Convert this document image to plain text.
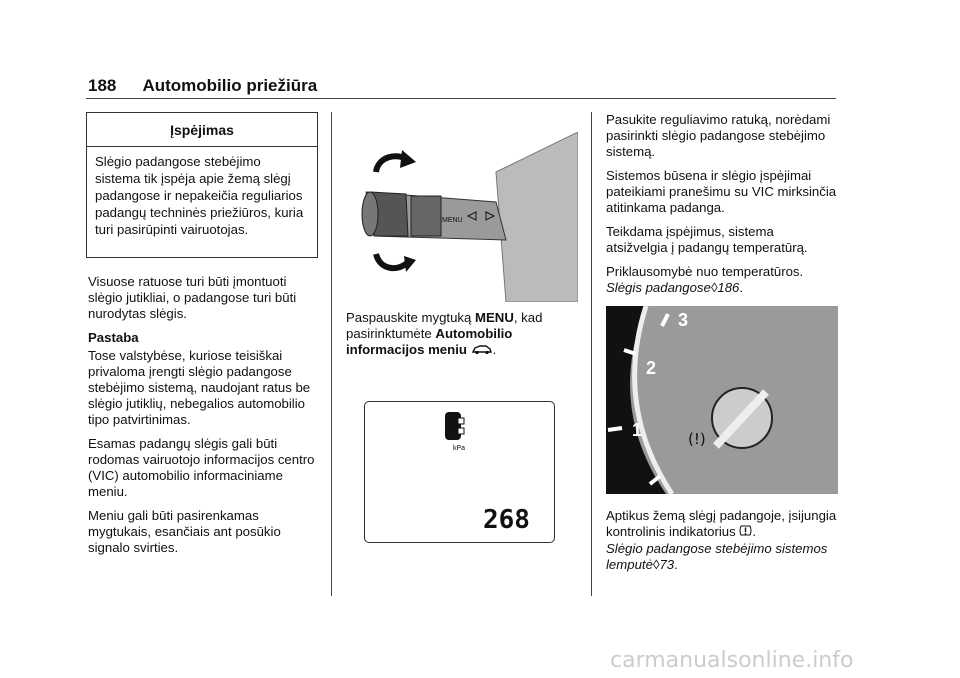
188 Automobilio priežiūra
Įspėjimas
Slėgio padangose stebėjimo sistema tik įspėja apie žemą slėgį padangose ir nepakeičia reguliarios padangų techninės priežiūros, kuria turi pasirūpinti vairuotojas.

Visuose ratuose turi būti įmontuoti slėgio jutikliai, o padangose turi būti nurodytas slėgis.

Pastaba

Tose valstybėse, kuriose teisiškai privaloma įrengti slėgio padangose stebėjimo sistemą, naudojant ratus be slėgio jutiklių, nebegalios automobilio tipo patvirtinimas.

Esamas padangų slėgis gali būti rodomas vairuotojo informacijos centro (VIC) automobilio informaciniame meniu.

Meniu gali būti pasirenkamas mygtukais, esančiais ant posūkio signalo svirties.

MENU

Paspauskite mygtuką MENU, kad pasirinktumėte Automobilio informacijos meniu .

kPa
268

Pasukite reguliavimo ratuką, norėdami pasirinkti slėgio padangose stebėjimo sistemą.

Sistemos būsena ir slėgio įspėjimai pateikiami pranešimu su VIC mirksinčia atitinkama padanga.

Teikdama įspėjimus, sistema atsižvelgia į padangų temperatūrą.

Priklausomybė nuo temperatūros.
Slėgis padangose◊186.

3
2
1	(!)

Aptikus žemą slėgį padangoje, įsijungia kontrolinis indikatorius .
Slėgio padangose stebėjimo sistemos lemputė◊73.

carmanualsonline.info
